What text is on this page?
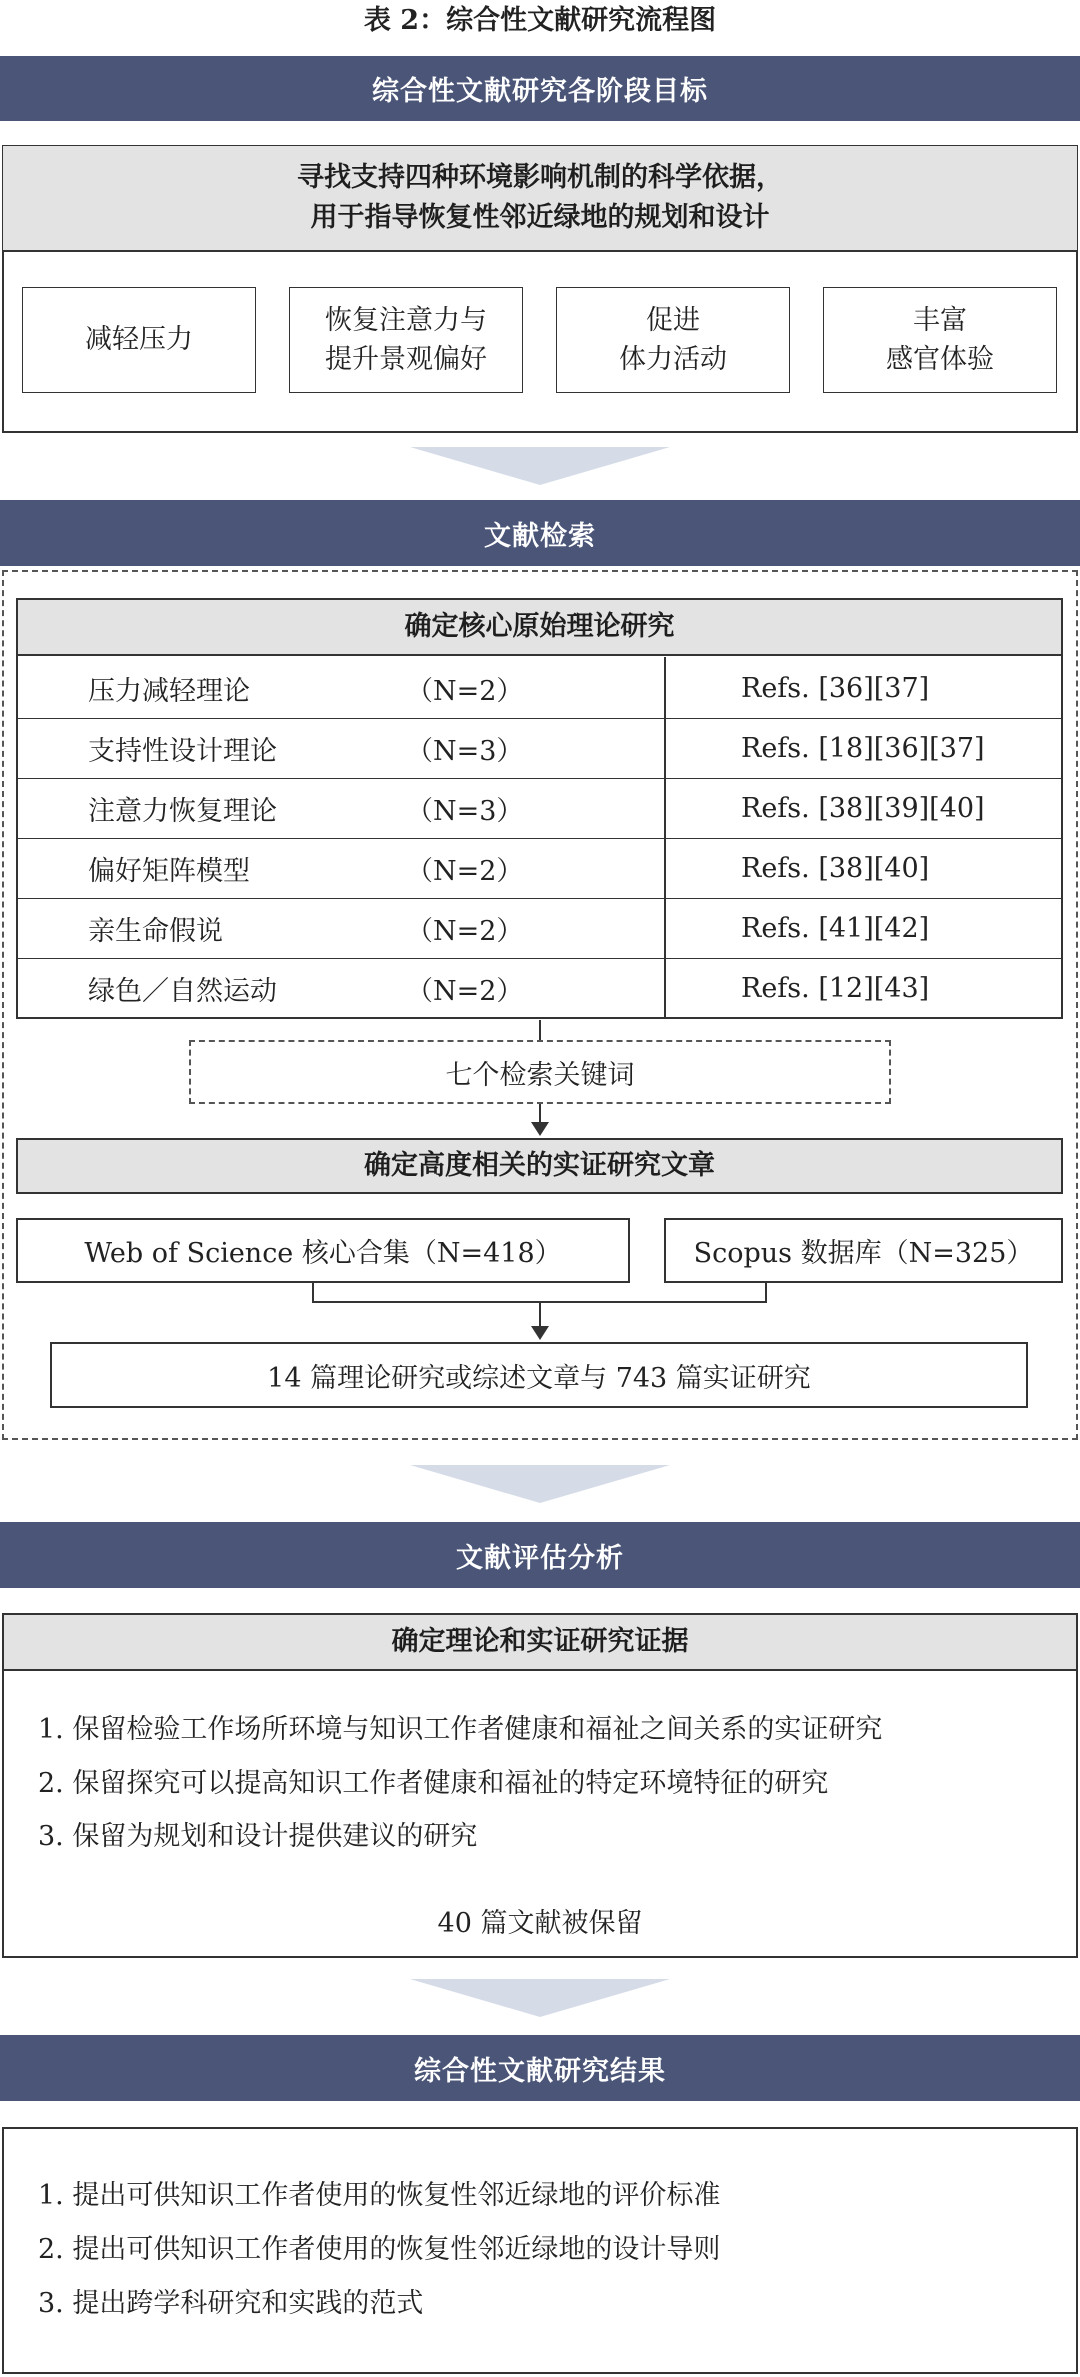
表 2：综合性文献研究流程图
综合性文献研究各阶段目标
寻找支持四种环境影响机制的科学依据，
用于指导恢复性邻近绿地的规划和设计
减轻压力
恢复注意力与
提升景观偏好
促进
体力活动
丰富
感官体验
文献检索
确定核心原始理论研究
压力减轻理论	（N=2）	Refs. [36][37]
支持性设计理论	（N=3）	Refs. [18][36][37]
注意力恢复理论	（N=3）	Refs. [38][39][40]
偏好矩阵模型	（N=2）	Refs. [38][40]
亲生命假说	（N=2）	Refs. [41][42]
绿色／自然运动	（N=2）	Refs. [12][43]
七个检索关键词
确定高度相关的实证研究文章
Web of Science 核心合集（N=418）	Scopus 数据库（N=325）
14 篇理论研究或综述文章与 743 篇实证研究
文献评估分析
确定理论和实证研究证据
1. 保留检验工作场所环境与知识工作者健康和福祉之间关系的实证研究
2. 保留探究可以提高知识工作者健康和福祉的特定环境特征的研究
3. 保留为规划和设计提供建议的研究
40 篇文献被保留
综合性文献研究结果
1. 提出可供知识工作者使用的恢复性邻近绿地的评价标准
2. 提出可供知识工作者使用的恢复性邻近绿地的设计导则
3. 提出跨学科研究和实践的范式
